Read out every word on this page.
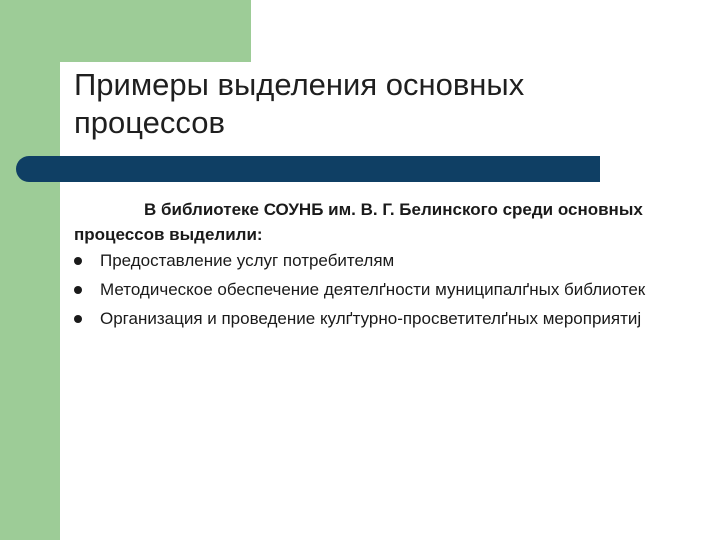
Примеры выделения основных процессов

В библиотеке СОУНБ им. В. Г. Белинского среди основных процессов выделили:

Предоставление услуг потребителям
Методическое обеспечение деятелґности муниципалґных библиотек
Организация и проведение кулґтурно-просветителґных мероприятиј
